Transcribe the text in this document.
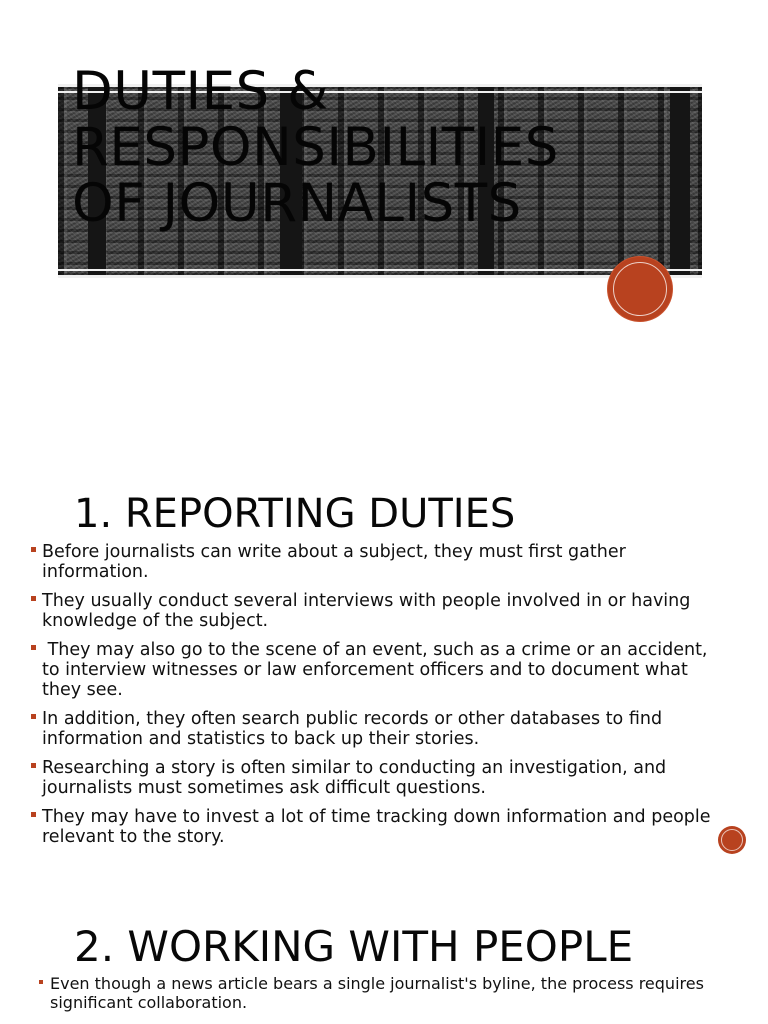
DUTIES &
RESPONSIBILITIES
OF JOURNALISTS
1. REPORTING DUTIES
Before journalists can write about a subject, they must first gather information.
They usually conduct several interviews with people involved in or having knowledge of the subject.
They may also go to the scene of an event, such as a crime or an accident, to interview witnesses or law enforcement officers and to document what they see.
In addition, they often search public records or other databases to find information and statistics to back up their stories.
Researching a story is often similar to conducting an investigation, and journalists must sometimes ask difficult questions.
They may have to invest a lot of time tracking down information and people relevant to the story.
2. WORKING WITH PEOPLE
Even though a news article bears a single journalist's byline, the process requires significant collaboration.
